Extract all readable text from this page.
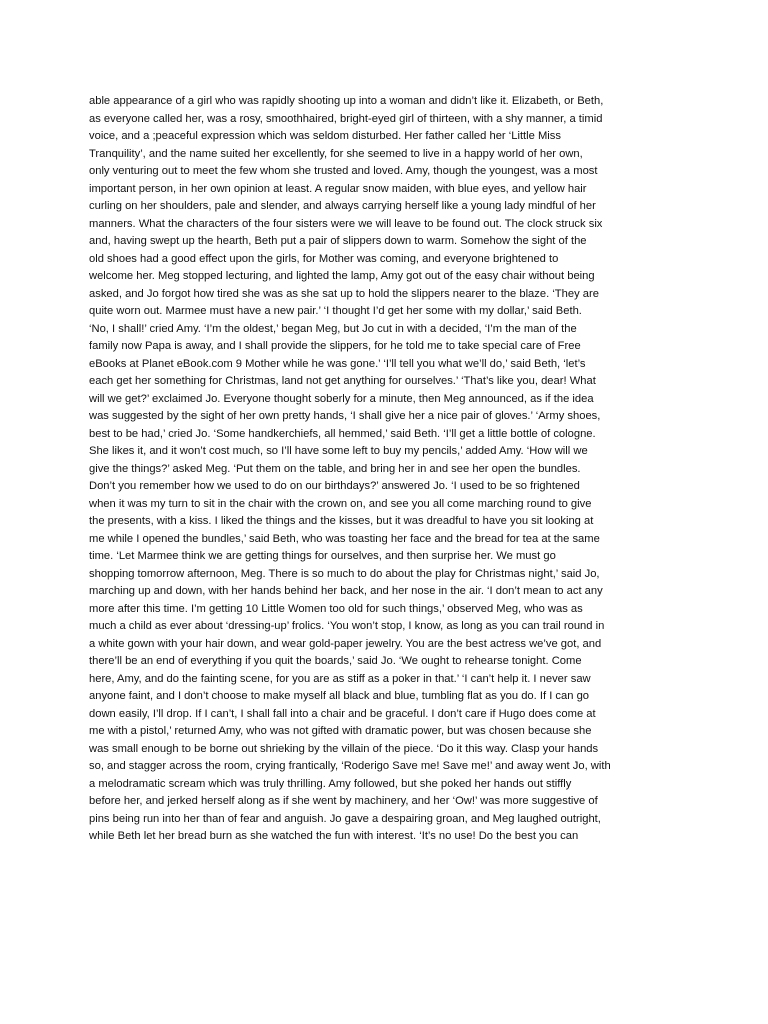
able appearance of a girl who was rapidly shooting up into a woman and didn’t like it. Elizabeth, or Beth,
as everyone called her, was a rosy, smoothhaired, bright-eyed girl of thirteen, with a shy manner, a timid
voice, and a ;peaceful expression which was seldom disturbed. Her father called her ‘Little Miss
Tranquility’, and the name suited her excellently, for she seemed to live in a happy world of her own,
only venturing out to meet the few whom she trusted and loved. Amy, though the youngest, was a most
important person, in her own opinion at least. A regular snow maiden, with blue eyes, and yellow hair
curling on her shoulders, pale and slender, and always carrying herself like a young lady mindful of her
manners. What the characters of the four sisters were we will leave to be found out. The clock struck six
and, having swept up the hearth, Beth put a pair of slippers down to warm. Somehow the sight of the
old shoes had a good effect upon the girls, for Mother was coming, and everyone brightened to
welcome her. Meg stopped lecturing, and lighted the lamp, Amy got out of the easy chair without being
asked, and Jo forgot how tired she was as she sat up to hold the slippers nearer to the blaze. ‘They are
quite worn out. Marmee must have a new pair.’ ‘I thought I’d get her some with my dollar,’ said Beth.
‘No, I shall!’ cried Amy. ‘I’m the oldest,’ began Meg, but Jo cut in with a decided, ‘I’m the man of the
family now Papa is away, and I shall provide the slippers, for he told me to take special care of Free
eBooks at Planet eBook.com 9 Mother while he was gone.’ ‘I’ll tell you what we’ll do,’ said Beth, ‘let’s
each get her something for Christmas, land not get anything for ourselves.’ ‘That’s like you, dear! What
will we get?’ exclaimed Jo. Everyone thought soberly for a minute, then Meg announced, as if the idea
was suggested by the sight of her own pretty hands, ‘I shall give her a nice pair of gloves.’ ‘Army shoes,
best to be had,’ cried Jo. ‘Some handkerchiefs, all hemmed,’ said Beth. ‘I’ll get a little bottle of cologne.
She likes it, and it won’t cost much, so I’ll have some left to buy my pencils,’ added Amy. ‘How will we
give the things?’ asked Meg. ‘Put them on the table, and bring her in and see her open the bundles.
Don’t you remember how we used to do on our birthdays?’ answered Jo. ‘I used to be so frightened
when it was my turn to sit in the chair with the crown on, and see you all come marching round to give
the presents, with a kiss. I liked the things and the kisses, but it was dreadful to have you sit looking at
me while I opened the bundles,’ said Beth, who was toasting her face and the bread for tea at the same
time. ‘Let Marmee think we are getting things for ourselves, and then surprise her. We must go
shopping tomorrow afternoon, Meg. There is so much to do about the play for Christmas night,’ said Jo,
marching up and down, with her hands behind her back, and her nose in the air. ‘I don’t mean to act any
more after this time. I’m getting 10 Little Women too old for such things,’ observed Meg, who was as
much a child as ever about ‘dressing-up’ frolics. ‘You won’t stop, I know, as long as you can trail round in
a white gown with your hair down, and wear gold-paper jewelry. You are the best actress we’ve got, and
there’ll be an end of everything if you quit the boards,’ said Jo. ‘We ought to rehearse tonight. Come
here, Amy, and do the fainting scene, for you are as stiff as a poker in that.’ ‘I can’t help it. I never saw
anyone faint, and I don’t choose to make myself all black and blue, tumbling flat as you do. If I can go
down easily, I’ll drop. If I can’t, I shall fall into a chair and be graceful. I don’t care if Hugo does come at
me with a pistol,’ returned Amy, who was not gifted with dramatic power, but was chosen because she
was small enough to be borne out shrieking by the villain of the piece. ‘Do it this way. Clasp your hands
so, and stagger across the room, crying frantically, ‘Roderigo Save me! Save me!’ and away went Jo, with
a melodramatic scream which was truly thrilling. Amy followed, but she poked her hands out stiffly
before her, and jerked herself along as if she went by machinery, and her ‘Ow!’ was more suggestive of
pins being run into her than of fear and anguish. Jo gave a despairing groan, and Meg laughed outright,
while Beth let her bread burn as she watched the fun with interest. ‘It’s no use! Do the best you can
